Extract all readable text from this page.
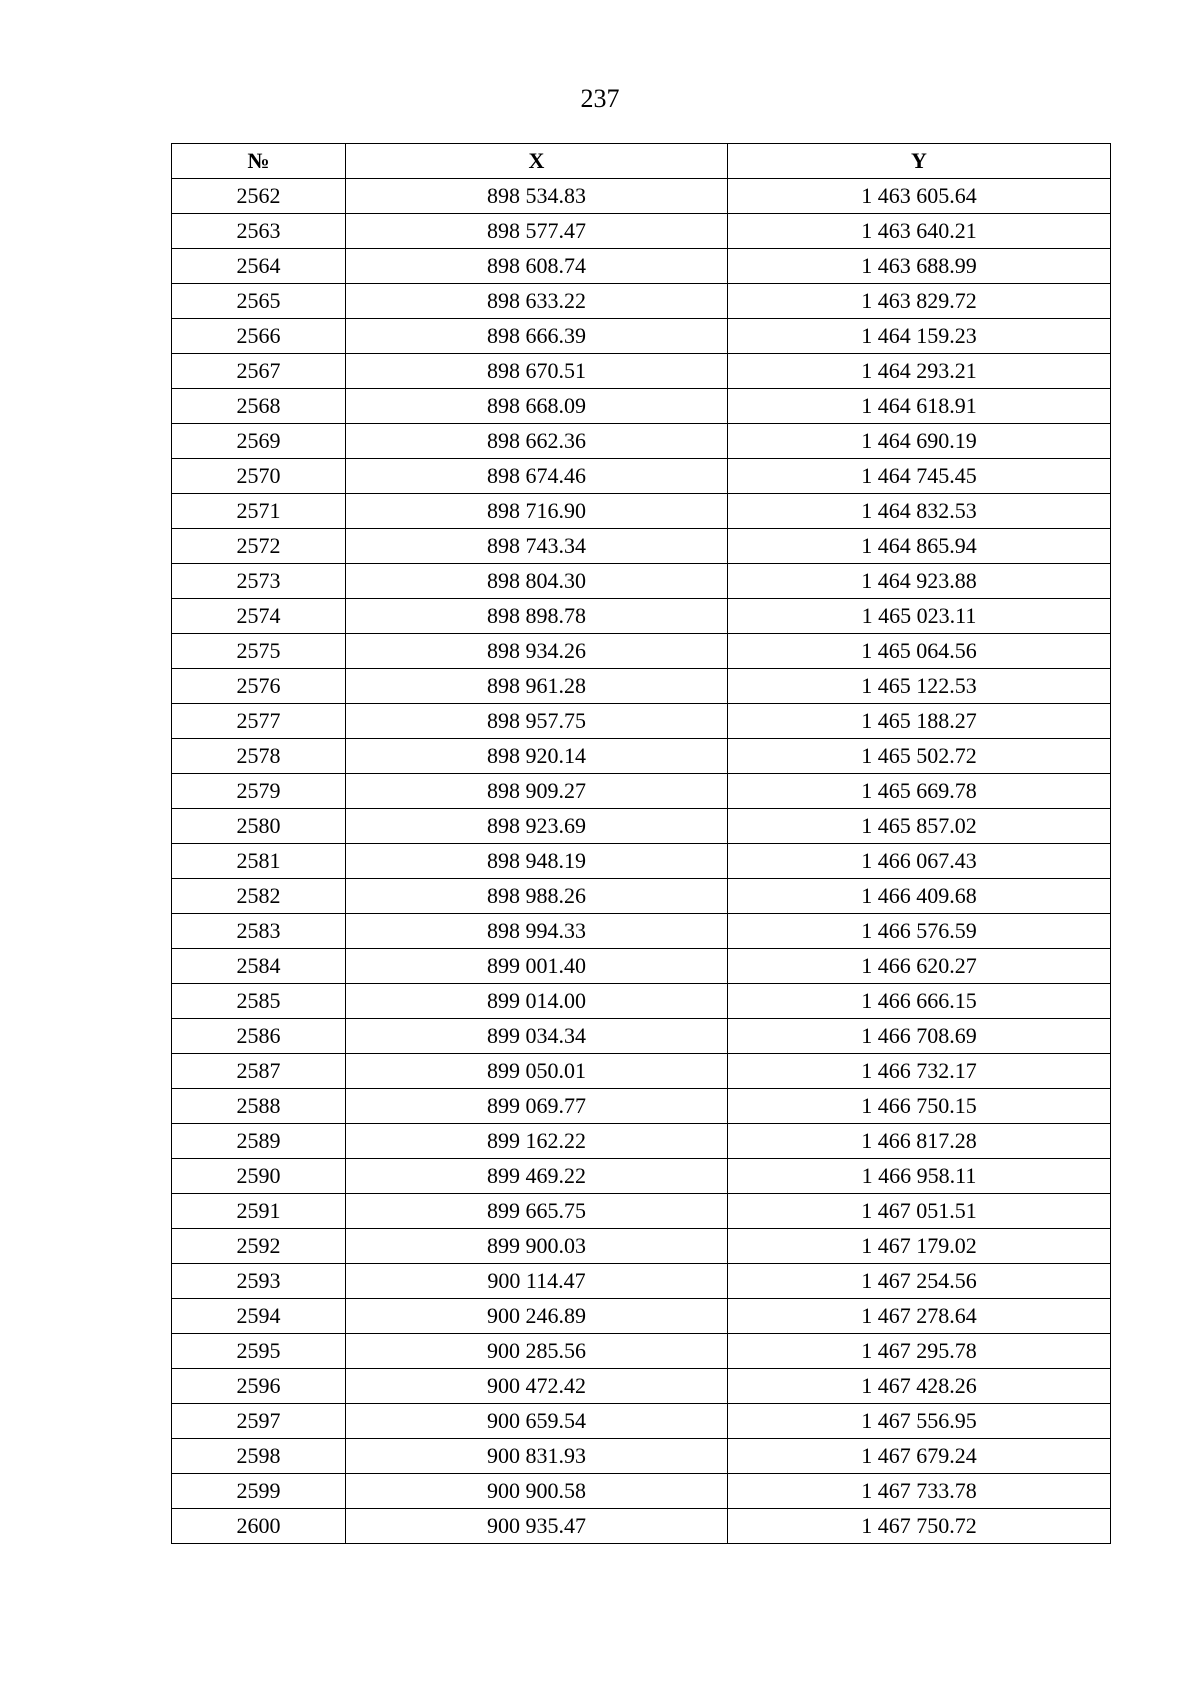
237
№	X	Y
2562	898 534.83	1 463 605.64
2563	898 577.47	1 463 640.21
2564	898 608.74	1 463 688.99
2565	898 633.22	1 463 829.72
2566	898 666.39	1 464 159.23
2567	898 670.51	1 464 293.21
2568	898 668.09	1 464 618.91
2569	898 662.36	1 464 690.19
2570	898 674.46	1 464 745.45
2571	898 716.90	1 464 832.53
2572	898 743.34	1 464 865.94
2573	898 804.30	1 464 923.88
2574	898 898.78	1 465 023.11
2575	898 934.26	1 465 064.56
2576	898 961.28	1 465 122.53
2577	898 957.75	1 465 188.27
2578	898 920.14	1 465 502.72
2579	898 909.27	1 465 669.78
2580	898 923.69	1 465 857.02
2581	898 948.19	1 466 067.43
2582	898 988.26	1 466 409.68
2583	898 994.33	1 466 576.59
2584	899 001.40	1 466 620.27
2585	899 014.00	1 466 666.15
2586	899 034.34	1 466 708.69
2587	899 050.01	1 466 732.17
2588	899 069.77	1 466 750.15
2589	899 162.22	1 466 817.28
2590	899 469.22	1 466 958.11
2591	899 665.75	1 467 051.51
2592	899 900.03	1 467 179.02
2593	900 114.47	1 467 254.56
2594	900 246.89	1 467 278.64
2595	900 285.56	1 467 295.78
2596	900 472.42	1 467 428.26
2597	900 659.54	1 467 556.95
2598	900 831.93	1 467 679.24
2599	900 900.58	1 467 733.78
2600	900 935.47	1 467 750.72
